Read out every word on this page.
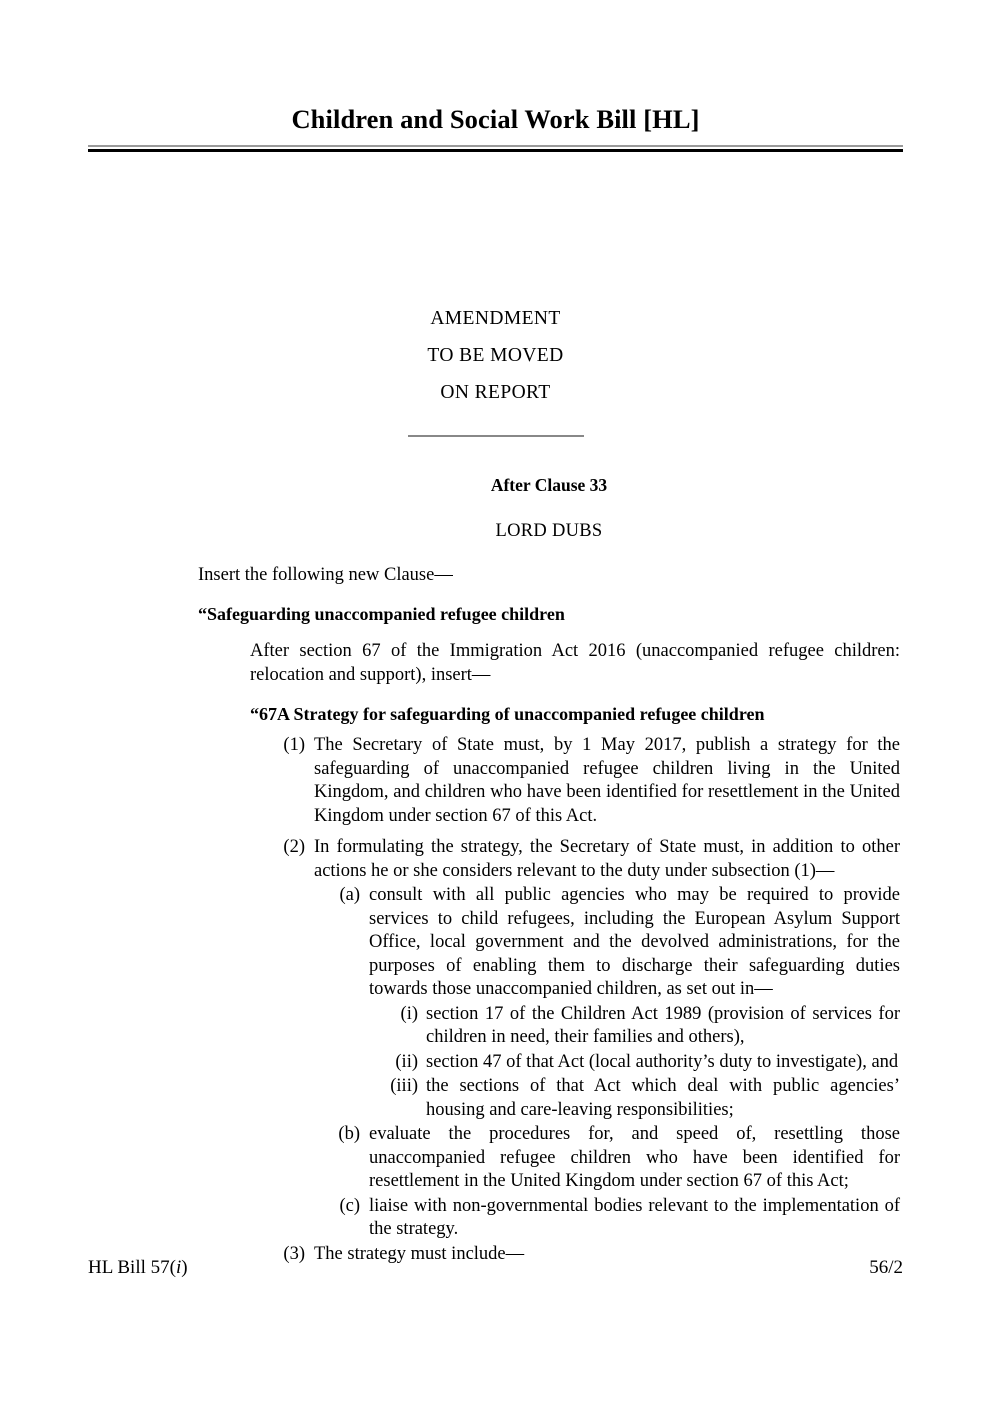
Children and Social Work Bill [HL]
AMENDMENT
TO BE MOVED
ON REPORT
After Clause 33
LORD DUBS
Insert the following new Clause—
“Safeguarding unaccompanied refugee children
After section 67 of the Immigration Act 2016 (unaccompanied refugee children: relocation and support), insert—
“67A Strategy for safeguarding of unaccompanied refugee children
(1) The Secretary of State must, by 1 May 2017, publish a strategy for the safeguarding of unaccompanied refugee children living in the United Kingdom, and children who have been identified for resettlement in the United Kingdom under section 67 of this Act.
(2) In formulating the strategy, the Secretary of State must, in addition to other actions he or she considers relevant to the duty under subsection (1)—
(a) consult with all public agencies who may be required to provide services to child refugees, including the European Asylum Support Office, local government and the devolved administrations, for the purposes of enabling them to discharge their safeguarding duties towards those unaccompanied children, as set out in—
(i) section 17 of the Children Act 1989 (provision of services for children in need, their families and others),
(ii) section 47 of that Act (local authority’s duty to investigate), and
(iii) the sections of that Act which deal with public agencies’ housing and care-leaving responsibilities;
(b) evaluate the procedures for, and speed of, resettling those unaccompanied refugee children who have been identified for resettlement in the United Kingdom under section 67 of this Act;
(c) liaise with non-governmental bodies relevant to the implementation of the strategy.
(3) The strategy must include—
HL Bill 57(i)	56/2
